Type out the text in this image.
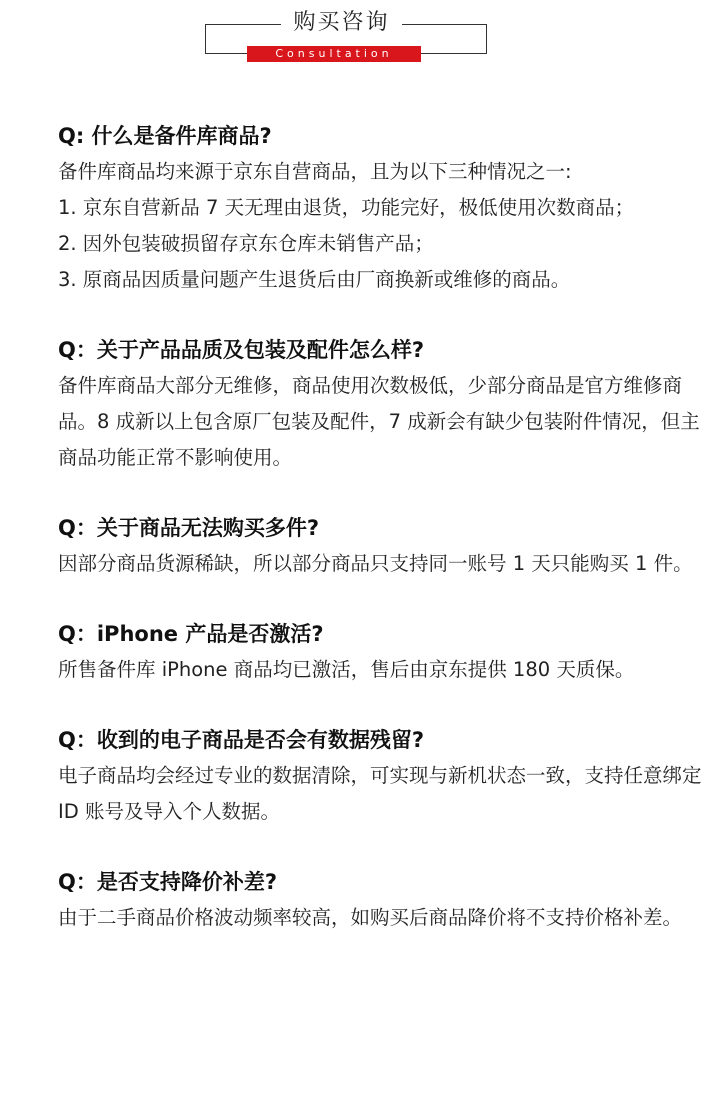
购买咨询
Consultation
Q: 什么是备件库商品?

备件库商品均来源于京东自营商品，且为以下三种情况之一:

1. 京东自营新品 7 天无理由退货，功能完好，极低使用次数商品；

2. 因外包装破损留存京东仓库未销售产品；

3. 原商品因质量问题产生退货后由厂商换新或维修的商品。

Q：关于产品品质及包装及配件怎么样?

备件库商品大部分无维修，商品使用次数极低，少部分商品是官方维修商品。8 成新以上包含原厂包装及配件，7 成新会有缺少包装附件情况，但主商品功能正常不影响使用。

Q：关于商品无法购买多件?

因部分商品货源稀缺，所以部分商品只支持同一账号 1 天只能购买 1 件。

Q：iPhone 产品是否激活?

所售备件库 iPhone 商品均已激活，售后由京东提供 180 天质保。

Q：收到的电子商品是否会有数据残留?

电子商品均会经过专业的数据清除，可实现与新机状态一致，支持任意绑定 ID 账号及导入个人数据。

Q：是否支持降价补差?

由于二手商品价格波动频率较高，如购买后商品降价将不支持价格补差。
